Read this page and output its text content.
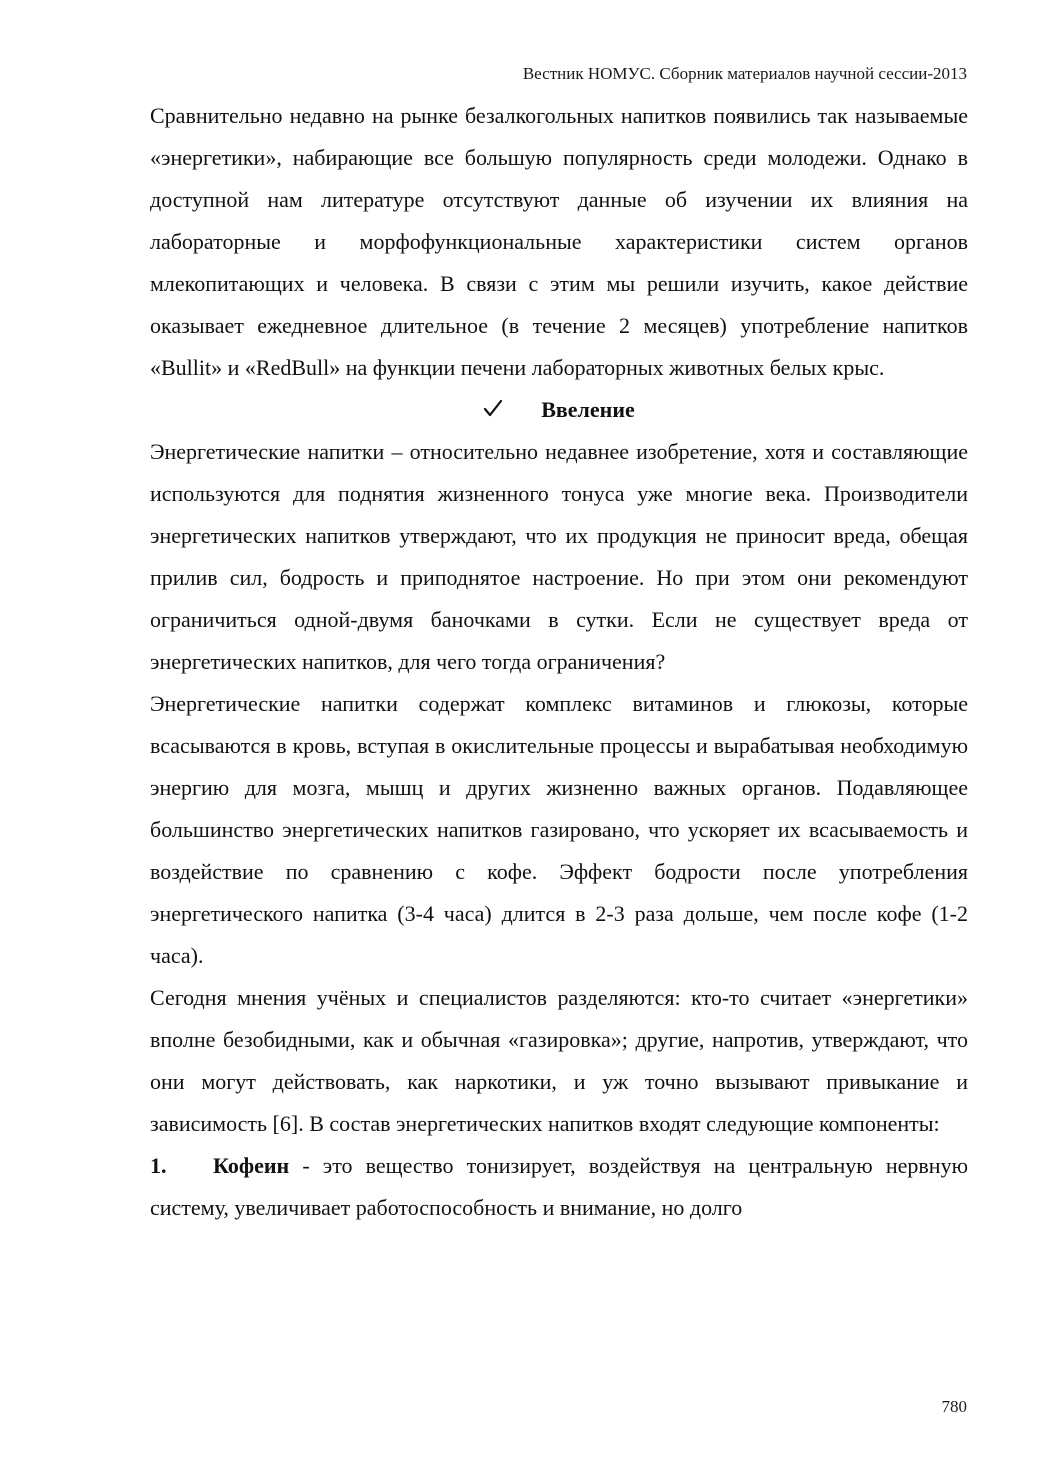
Вестник НОМУС. Сборник материалов научной сессии-2013

Сравнительно недавно на рынке безалкогольных напитков появились так называемые «энергетики», набирающие все большую популярность среди молодежи. Однако в доступной нам литературе отсутствуют данные об изучении их влияния на лабораторные и морфофункциональные характеристики систем органов млекопитающих и человека. В связи с этим мы решили изучить, какое действие оказывает ежедневное длительное (в течение 2 месяцев) употребление напитков «Bullit» и «RedBull» на функции печени лабораторных животных белых крыс.

Ввеление

Энергетические напитки – относительно недавнее изобретение, хотя и составляющие используются для поднятия жизненного тонуса уже многие века. Производители энергетических напитков утверждают, что их продукция не приносит вреда, обещая прилив сил, бодрость и приподнятое настроение. Но при этом они рекомендуют ограничиться одной-двумя баночками в сутки. Если не существует вреда от энергетических напитков, для чего тогда ограничения?

Энергетические напитки содержат комплекс витаминов и глюкозы, которые всасываются в кровь, вступая в окислительные процессы и вырабатывая необходимую энергию для мозга, мышц и других жизненно важных органов. Подавляющее большинство энергетических напитков газировано, что ускоряет их всасываемость и воздействие по сравнению с кофе. Эффект бодрости после употребления энергетического напитка (3-4 часа) длится в 2-3 раза дольше, чем после кофе (1-2 часа).

Сегодня мнения учёных и специалистов разделяются: кто-то считает «энергетики» вполне безобидными, как и обычная «газировка»; другие, напротив, утверждают, что они могут действовать, как наркотики, и уж точно вызывают привыкание и зависимость [6]. В состав энергетических напитков входят следующие компоненты:

1. Кофеин - это вещество тонизирует, воздействуя на центральную нервную систему, увеличивает работоспособность и внимание, но долго

780
